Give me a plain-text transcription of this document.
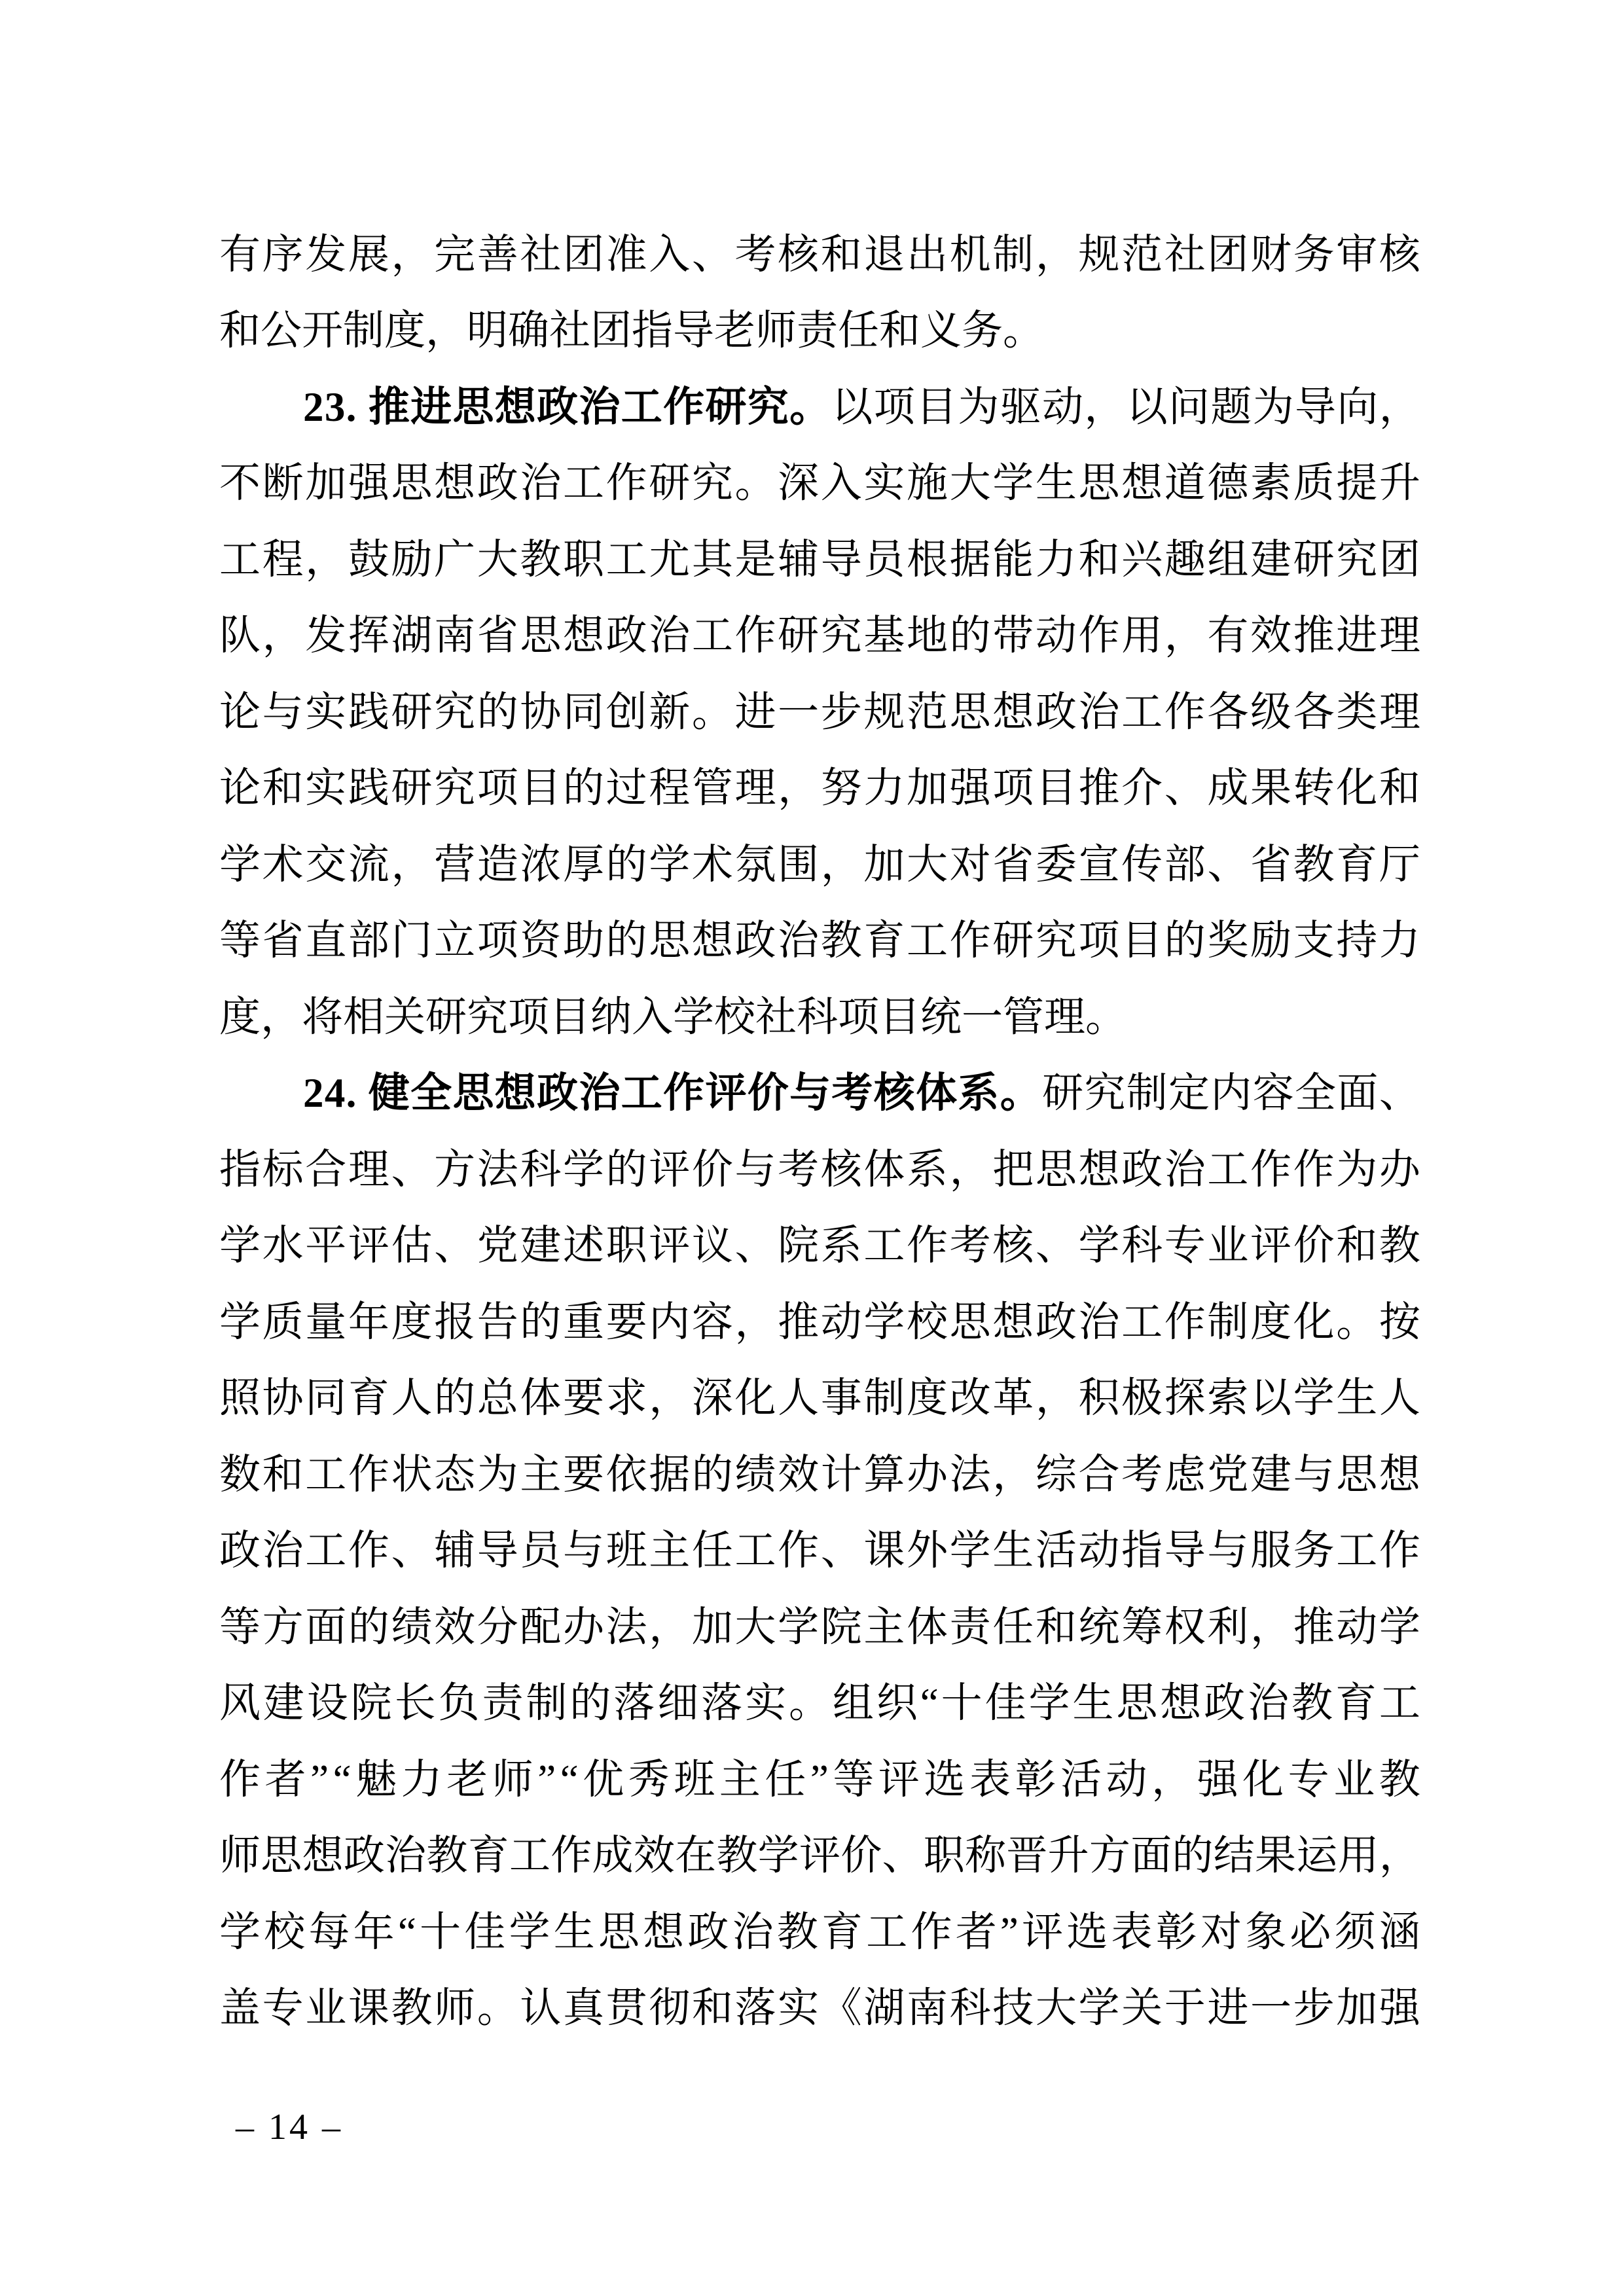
有 序 发 展 ， 完 善 社 团 准 入 、 考 核 和 退 出 机 制 ， 规 范 社 团 财 务 审 核
和 公 开 制 度 ， 明 确 社 团 指 导 老 师 责 任 和 义 务 。
2 3 .
推 进 思 想 政 治 工 作 研 究 。 以 项 目 为 驱 动 ， 以 问 题 为 导 向 ，
不 断 加 强 思 想 政 治 工 作 研 究 。 深 入 实 施 大 学 生 思 想 道 德 素 质 提 升
工 程 ， 鼓 励 广 大 教 职 工 尤 其 是 辅 导 员 根 据 能 力 和 兴 趣 组 建 研 究 团
队 ， 发 挥 湖 南 省 思 想 政 治 工 作 研 究 基 地 的 带 动 作 用 ， 有 效 推 进 理
论 与 实 践 研 究 的 协 同 创 新 。 进 一 步 规 范 思 想 政 治 工 作 各 级 各 类 理
论 和 实 践 研 究 项 目 的 过 程 管 理 ， 努 力 加 强 项 目 推 介 、 成 果 转 化 和
学 术 交 流 ， 营 造 浓 厚 的 学 术 氛 围 ， 加 大 对 省 委 宣 传 部 、 省 教 育 厅
等 省 直 部 门 立 项 资 助 的 思 想 政 治 教 育 工 作 研 究 项 目 的 奖 励 支 持 力
度 ， 将 相 关 研 究 项 目 纳 入 学 校 社 科 项 目 统 一 管 理 。
2 4 .
健 全 思 想 政 治 工 作 评 价 与 考 核 体 系 。 研 究 制 定 内 容 全 面 、
指 标 合 理 、 方 法 科 学 的 评 价 与 考 核 体 系 ， 把 思 想 政 治 工 作 作 为 办
学 水 平 评 估 、 党 建 述 职 评 议 、 院 系 工 作 考 核 、 学 科 专 业 评 价 和 教
学 质 量 年 度 报 告 的 重 要 内 容 ， 推 动 学 校 思 想 政 治 工 作 制 度 化 。 按
照 协 同 育 人 的 总 体 要 求 ， 深 化 人 事 制 度 改 革 ， 积 极 探 索 以 学 生 人
数 和 工 作 状 态 为 主 要 依 据 的 绩 效 计 算 办 法 ， 综 合 考 虑 党 建 与 思 想
政 治 工 作 、 辅 导 员 与 班 主 任 工 作 、 课 外 学 生 活 动 指 导 与 服 务 工 作
等 方 面 的 绩 效 分 配 办 法 ， 加 大 学 院 主 体 责 任 和 统 筹 权 利 ， 推 动 学
风 建 设 院 长 负 责 制 的 落 细 落 实 。 组 织 “ 十 佳 学 生 思 想 政 治 教 育 工
作 者 ” “ 魅 力 老 师 ” “ 优 秀 班 主 任 ” 等 评 选 表 彰 活 动 ， 强 化 专 业 教
师 思 想 政 治 教 育 工 作 成 效 在 教 学 评 价 、 职 称 晋 升 方 面 的 结 果 运 用 ，
学 校 每 年 “ 十 佳 学 生 思 想 政 治 教 育 工 作 者 ” 评 选 表 彰 对 象 必 须 涵
盖 专 业 课 教 师 。 认 真 贯 彻 和 落 实 《 湖 南 科 技 大 学 关 于 进 一 步 加 强
– 14 –
